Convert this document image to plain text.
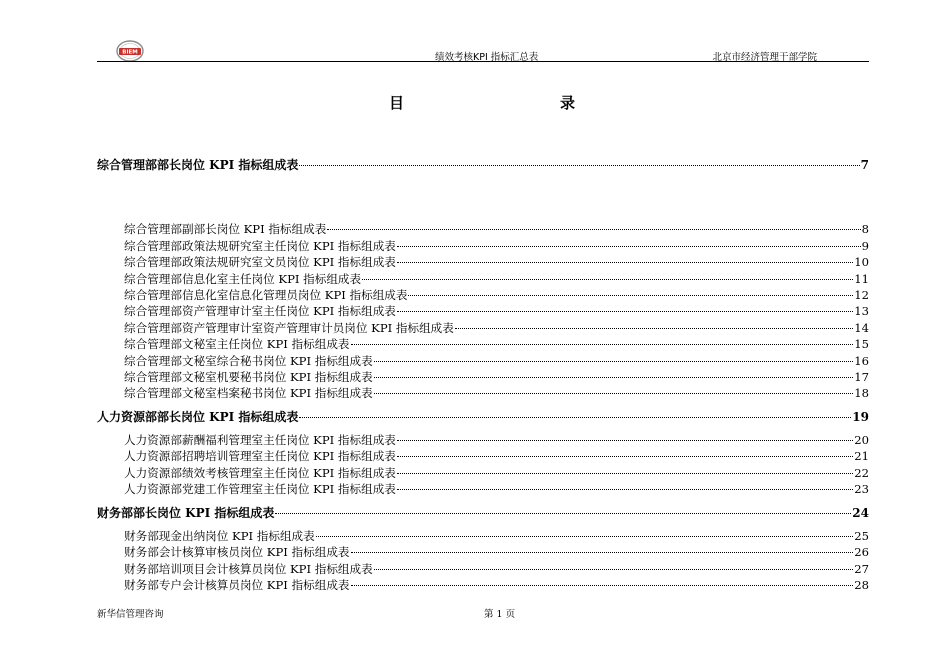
BIEM	绩效考核KPI 指标汇总表	北京市经济管理干部学院
目	录
综合管理部部长岗位 KPI 指标组成表	7
综合管理部副部长岗位 KPI 指标组成表	8
综合管理部政策法规研究室主任岗位 KPI 指标组成表	9
综合管理部政策法规研究室文员岗位 KPI 指标组成表	10
综合管理部信息化室主任岗位 KPI 指标组成表	11
综合管理部信息化室信息化管理员岗位 KPI 指标组成表	12
综合管理部资产管理审计室主任岗位 KPI 指标组成表	13
综合管理部资产管理审计室资产管理审计员岗位 KPI 指标组成表	14
综合管理部文秘室主任岗位 KPI 指标组成表	15
综合管理部文秘室综合秘书岗位 KPI 指标组成表	16
综合管理部文秘室机要秘书岗位 KPI 指标组成表	17
综合管理部文秘室档案秘书岗位 KPI 指标组成表	18
人力资源部部长岗位 KPI 指标组成表	19
人力资源部薪酬福利管理室主任岗位 KPI 指标组成表	20
人力资源部招聘培训管理室主任岗位 KPI 指标组成表	21
人力资源部绩效考核管理室主任岗位 KPI 指标组成表	22
人力资源部党建工作管理室主任岗位 KPI 指标组成表	23
财务部部长岗位 KPI 指标组成表	24
财务部现金出纳岗位 KPI 指标组成表	25
财务部会计核算审核员岗位 KPI 指标组成表	26
财务部培训项目会计核算员岗位 KPI 指标组成表	27
财务部专户会计核算员岗位 KPI 指标组成表	28
新华信管理咨询	第 1 页
